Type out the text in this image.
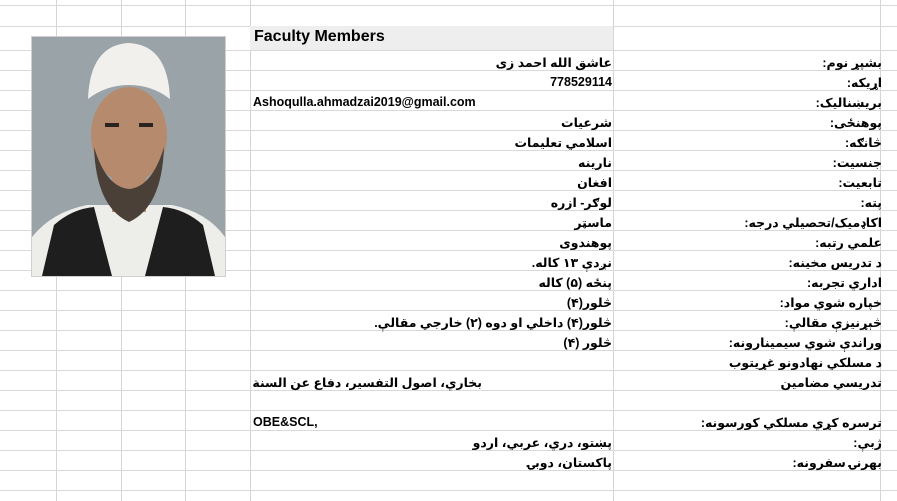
Faculty Members
بشپړ نوم:
اړیکه:
بریښنالیک:
پوهنځی:
څانګه:
جنسیت:
تابعیت:
پته:
اکاډمیک/تحصیلي درجه:
علمي رتبه:
د تدریس مخینه:
اداري تجربه:
خپاره شوي مواد:
څېړنیزې مقالې:
وراندې شوي سیمینارونه:
د مسلکي نهادونو غړیتوب
تدریسي مضامین
ترسره کړي مسلکي کورسونه:
ژبې:
بهرنۍ سفرونه:
عاشق الله احمد زی
778529114
Ashoqulla.ahmadzai2019@gmail.com
شرعیات
اسلامي تعلیمات
نارینه
افغان
لوګر- ازره
ماسټر
پوهندوی
نږدې ۱۳ کاله.
پنځه (۵) کاله
څلور(۴)
څلور(۴) داخلي او دوه (۲) خارجي مقالې.
څلور (۴)
بخاري، اصول التفسیر، دفاع عن السنة
OBE&SCL,
پښتو، دري، عربي، اردو
پاکستان، دوبۍ
